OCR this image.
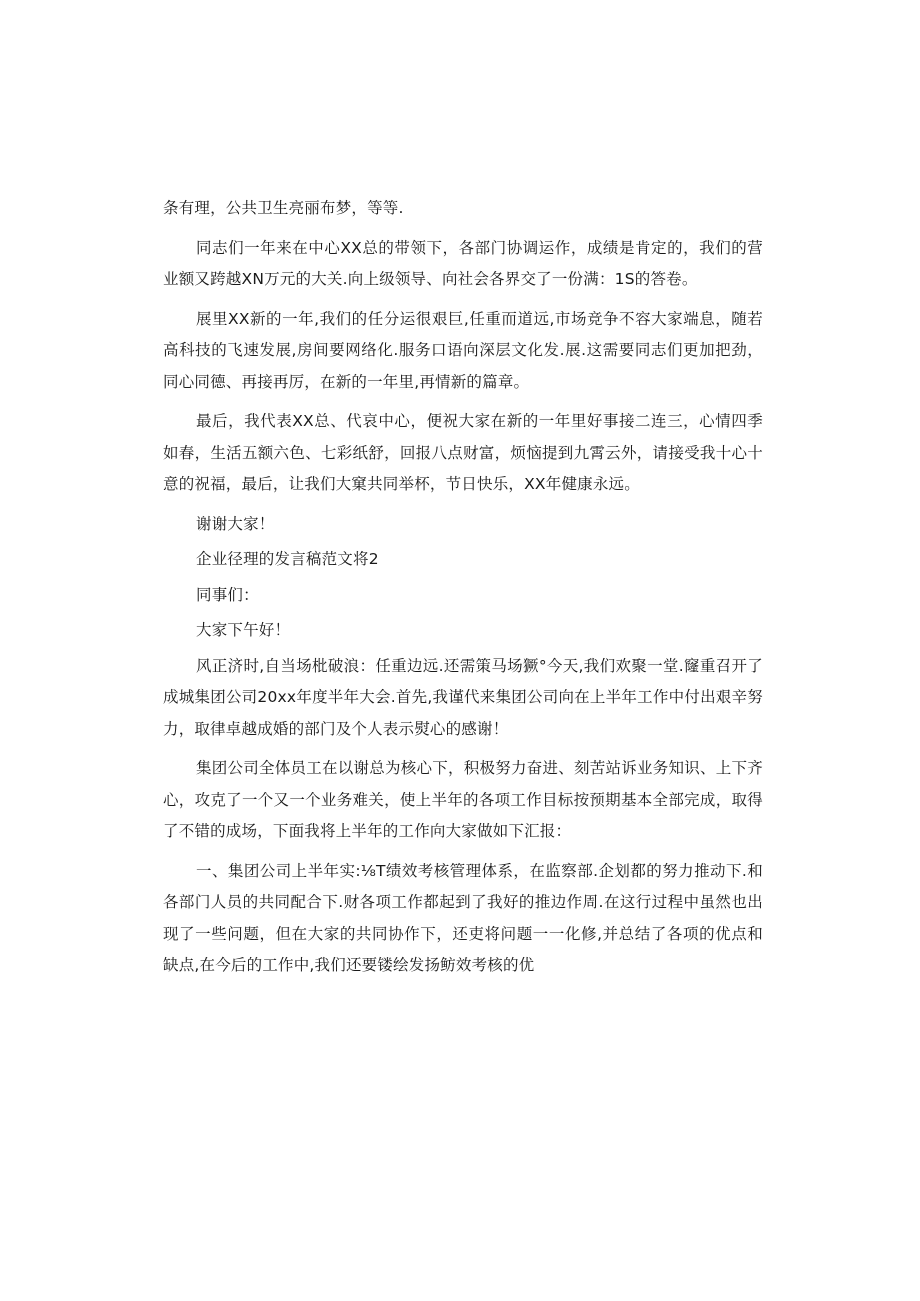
条有理，公共卫生亮丽布梦，等等.

同志们一年来在中心XX总的带领下，各部门协调运作，成绩是肯定的，我们的营业额又跨越XN万元的大关.向上级领导、向社会各界交了一份满：1S的答卷。

展里XX新的一年,我们的任分运很艰巨,任重而道远,市场竞争不容大家端息，随若高科技的飞速发展,房间要网络化.服务口语向深层文化发.展.这需要同志们更加把劲，同心同德、再接再厉，在新的一年里,再情新的篇章。

最后，我代表XX总、代哀中心，便祝大家在新的一年里好事接二连三，心情四季如春，生活五额六色、七彩纸舒，回报八点财富，烦恼提到九霄云外，请接受我十心十意的祝福，最后，让我们大窠共同举杯，节日快乐，XX年健康永远。

谢谢大家！

企业径理的发言稿范文将2

同事们：

大家下午好！

风正济时,自当场枇破浪：任重边远.还需策马场獗°今天,我们欢聚一堂.窿重召开了成城集团公司20xx年度半年大会.首先,我谨代来集团公司向在上半年工作中付出艰辛努力，取律卓越成婚的部门及个人表示熨心的感谢！

集团公司全体员工在以谢总为核心下，积极努力奋进、刻苦站诉业务知识、上下齐心，攻克了一个又一个业务难关，使上半年的各项工作目标按预期基本全部完成，取得了不错的成场，下面我将上半年的工作向大家做如下汇报：

一、集团公司上半年实:⅛T绩效考核管理体系，在监察部.企划都的努力推动下.和各部门人员的共同配合下.财各项工作都起到了我好的推边作周.在这行过程中虽然也出现了一些问题，但在大家的共同协作下，还吏将问题一一化修,并总结了各项的优点和缺点,在今后的工作中,我们还要镂绘发扬鲂效考核的优
